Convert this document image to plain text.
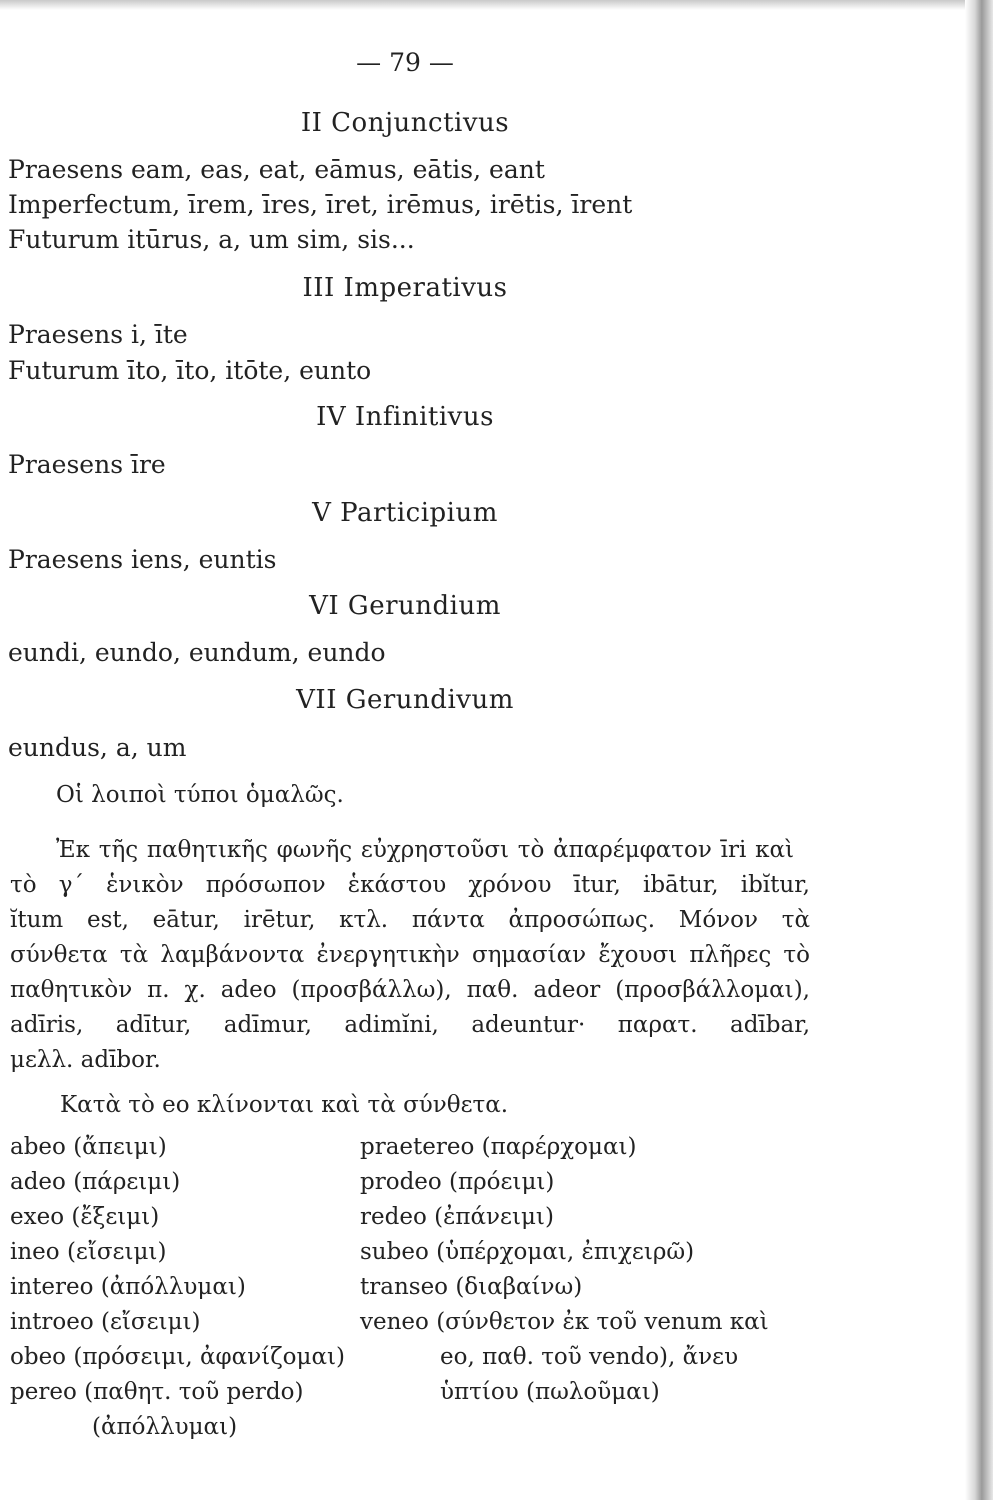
— 79 —
II Conjunctivus
Praesens eam, eas, eat, eāmus, eātis, eant
Imperfectum, īrem, īres, īret, irēmus, irētis, īrent
Futurum itūrus, a, um sim, sis...
III Imperativus
Praesens i, īte
Futurum īto, īto, itōte, eunto
IV Infinitivus
Praesens īre
V Participium
Praesens iens, euntis
VI Gerundium
eundi, eundo, eundum, eundo
VII Gerundivum
eundus, a, um
Οἱ λοιποὶ τύποι ὁμαλῶς.
Ἐκ τῆς παθητικῆς φωνῆς εὐχρηστοῦσι τὸ ἀπαρέμφατον īri καὶ
τὸ γ΄ ἑνικὸν πρόσωπον ἑκάστου χρόνου ītur, ibātur, ibĭtur,
ĭtum est, eātur, irētur, κτλ. πάντα ἀπροσώπως. Μόνον τὰ
σύνθετα τὰ λαμβάνοντα ἐνεργητικὴν σημασίαν ἔχουσι πλῆρες τὸ
παθητικὸν π. χ. adeo (προσβάλλω), παθ. adeor (προσβάλλομαι),
adīris, adītur, adīmur, adimĭni, adeuntur· παρατ. adībar,
μελλ. adībor.
Κατὰ τὸ eo κλίνονται καὶ τὰ σύνθετα.
abeo (ἄπειμι)
adeo (πάρειμι)
exeo (ἔξειμι)
ineo (εἴσειμι)
intereo (ἀπόλλυμαι)
introeo (εἴσειμι)
obeo (πρόσειμι, ἀφανίζομαι)
pereo (παθητ. τοῦ perdo)
(ἀπόλλυμαι)
praetereo (παρέρχομαι)
prodeo (πρόειμι)
redeo (ἐπάνειμι)
subeo (ὑπέρχομαι, ἐπιχειρῶ)
transeo (διαβαίνω)
veneo (σύνθετον ἐκ τοῦ venum καὶ
eo, παθ. τοῦ vendo), ἄνευ
ὑπτίου (πωλοῦμαι)
